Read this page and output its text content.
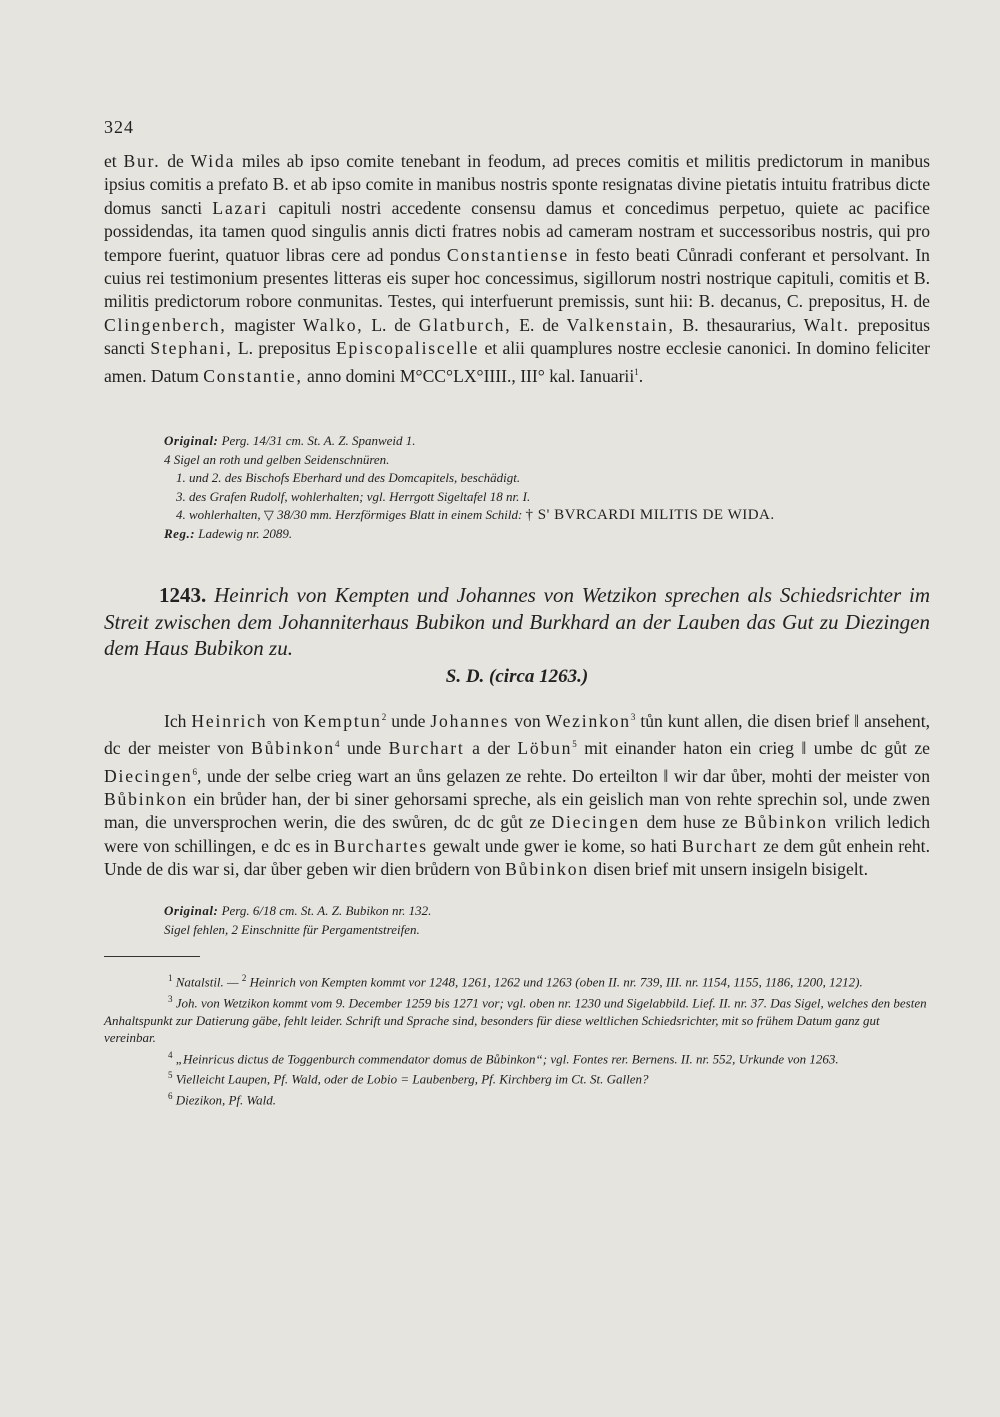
324

et Bur. de Wida miles ab ipso comite tenebant in feodum, ad preces comitis et militis predictorum in manibus ipsius comitis a prefato B. et ab ipso comite in manibus nostris sponte resignatas divine pietatis intuitu fratribus dicte domus sancti Lazari capituli nostri accedente consensu damus et concedimus perpetuo, quiete ac pacifice possidendas, ita tamen quod singulis annis dicti fratres nobis ad cameram nostram et successoribus nostris, qui pro tempore fuerint, quatuor libras cere ad pondus Constantiense in festo beati Cůnradi conferant et persolvant. In cuius rei testimonium presentes litteras eis super hoc concessimus, sigillorum nostri nostrique capituli, comitis et B. militis predictorum robore conmunitas. Testes, qui interfuerunt premissis, sunt hii: B. decanus, C. prepositus, H. de Clingenberch, magister Walko, L. de Glatburch, E. de Valkenstain, B. thesaurarius, Walt. prepositus sancti Stephani, L. prepositus Episcopaliscelle et alii quamplures nostre ecclesie canonici. In domino feliciter amen. Datum Constantie, anno domini M°CC°LX°IIII., III° kal. Ianuarii$^1$.

Original: Perg. 14/31 cm. St. A. Z. Spanweid 1.

4 Sigel an roth und gelben Seidenschnüren.

1. und 2. des Bischofs Eberhard und des Domcapitels, beschädigt.

3. des Grafen Rudolf, wohlerhalten; vgl. Herrgott Sigeltafel 18 nr. I.

4. wohlerhalten, ▽ 38/30 mm. Herzförmiges Blatt in einem Schild: † S' BVRCARDI MILITIS DE WIDA.

Reg.: Ladewig nr. 2089.

1243. Heinrich von Kempten und Johannes von Wetzikon sprechen als Schiedsrichter im Streit zwischen dem Johanniterhaus Bubikon und Burkhard an der Lauben das Gut zu Diezingen dem Haus Bubikon zu.

S. D. (circa 1263.)

Ich Heinrich von Kemptun$^2$ unde Johannes von Wezinkon$^3$ tůn kunt allen, die disen brief ‖ ansehent, dc der meister von Bůbinkon$^4$ unde Burchart a der Löbun$^5$ mit einander haton ein crieg ‖ umbe dc gůt ze Diecingen$^6$, unde der selbe crieg wart an ůns gelazen ze rehte. Do erteilton ‖ wir dar ůber, mohti der meister von Bůbinkon ein brůder han, der bi siner gehorsami spreche, als ein geislich man von rehte sprechin sol, unde zwen man, die unversprochen werin, die des swůren, dc dc gůt ze Diecingen dem huse ze Bůbinkon vrilich ledich were von schillingen, e dc es in Burchartes gewalt unde gwer ie kome, so hati Burchart ze dem gůt enhein reht. Unde de dis war si, dar ůber geben wir dien brůdern von Bůbinkon disen brief mit unsern insigeln bisigelt.

Original: Perg. 6/18 cm. St. A. Z. Bubikon nr. 132.

Sigel fehlen, 2 Einschnitte für Pergamentstreifen.

$^1$ Natalstil. — $^2$ Heinrich von Kempten kommt vor 1248, 1261, 1262 und 1263 (oben II. nr. 739, III. nr. 1154, 1155, 1186, 1200, 1212).

$^3$ Joh. von Wetzikon kommt vom 9. December 1259 bis 1271 vor; vgl. oben nr. 1230 und Sigelabbild. Lief. II. nr. 37. Das Sigel, welches den besten Anhaltspunkt zur Datierung gäbe, fehlt leider. Schrift und Sprache sind, besonders für diese weltlichen Schiedsrichter, mit so frühem Datum ganz gut vereinbar.

$^4$ „Heinricus dictus de Toggenburch commendator domus de Bůbinkon“; vgl. Fontes rer. Bernens. II. nr. 552, Urkunde von 1263.

$^5$ Vielleicht Laupen, Pf. Wald, oder de Lobio = Laubenberg, Pf. Kirchberg im Ct. St. Gallen?

$^6$ Diezikon, Pf. Wald.
